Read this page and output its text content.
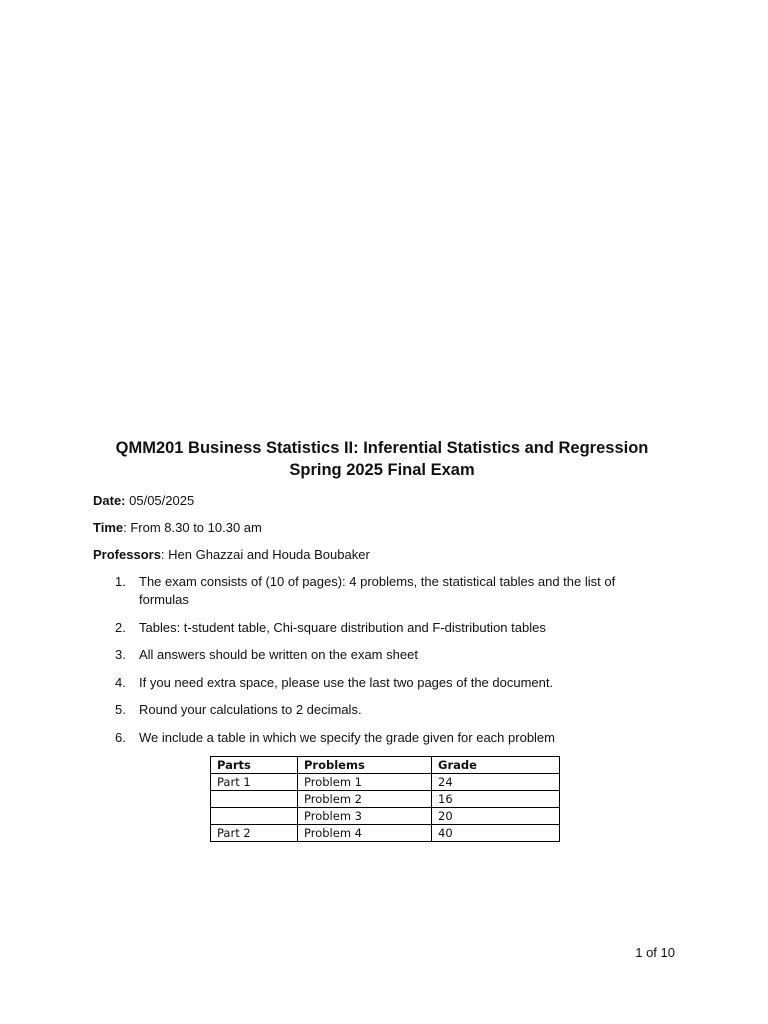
QMM201 Business Statistics II: Inferential Statistics and Regression
Spring 2025 Final Exam
Date: 05/05/2025
Time: From 8.30 to 10.30 am
Professors: Hen Ghazzai and Houda Boubaker
1. The exam consists of (10 of pages): 4 problems, the statistical tables and the list of formulas
2. Tables: t-student table, Chi-square distribution and F-distribution tables
3. All answers should be written on the exam sheet
4. If you need extra space, please use the last two pages of the document.
5. Round your calculations to 2 decimals.
6. We include a table in which we specify the grade given for each problem
Parts	Problems	Grade
Part 1	Problem 1	24
	Problem 2	16
	Problem 3	20
Part 2	Problem 4	40
1 of 10
